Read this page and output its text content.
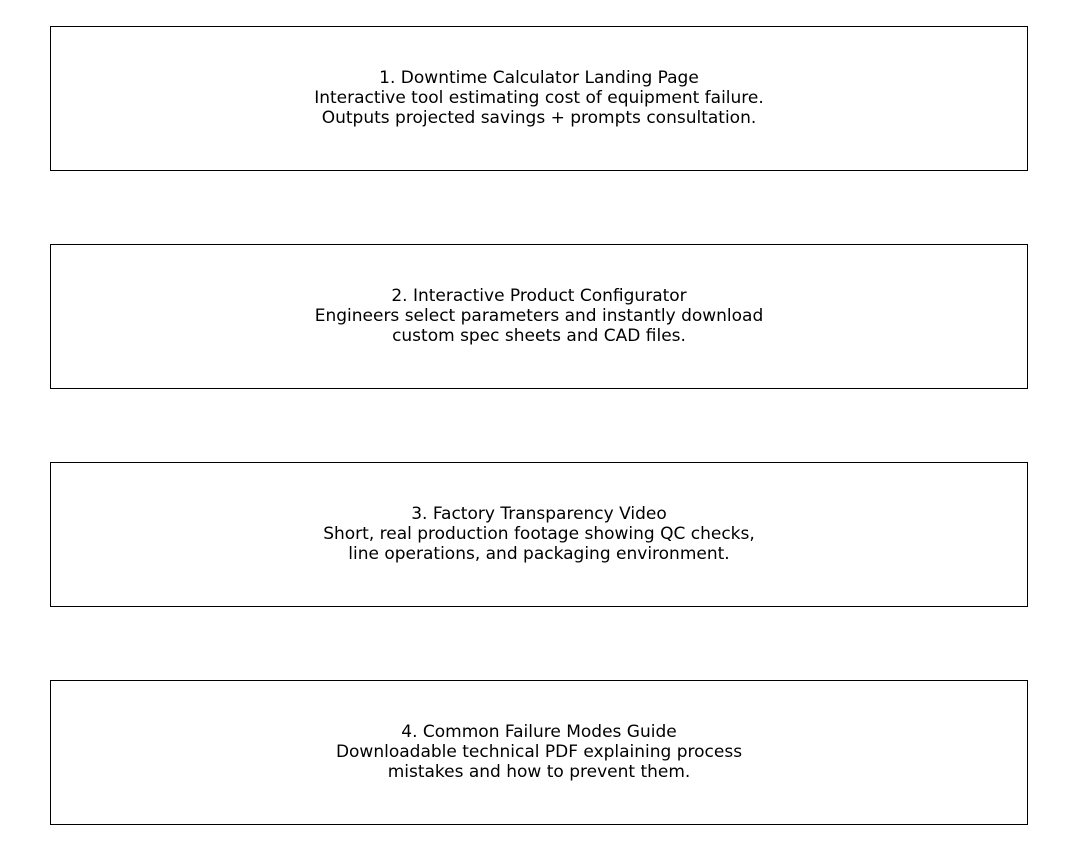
1. Downtime Calculator Landing Page
Interactive tool estimating cost of equipment failure.
Outputs projected savings + prompts consultation.
2. Interactive Product Configurator
Engineers select parameters and instantly download
custom spec sheets and CAD files.
3. Factory Transparency Video
Short, real production footage showing QC checks,
line operations, and packaging environment.
4. Common Failure Modes Guide
Downloadable technical PDF explaining process
mistakes and how to prevent them.
